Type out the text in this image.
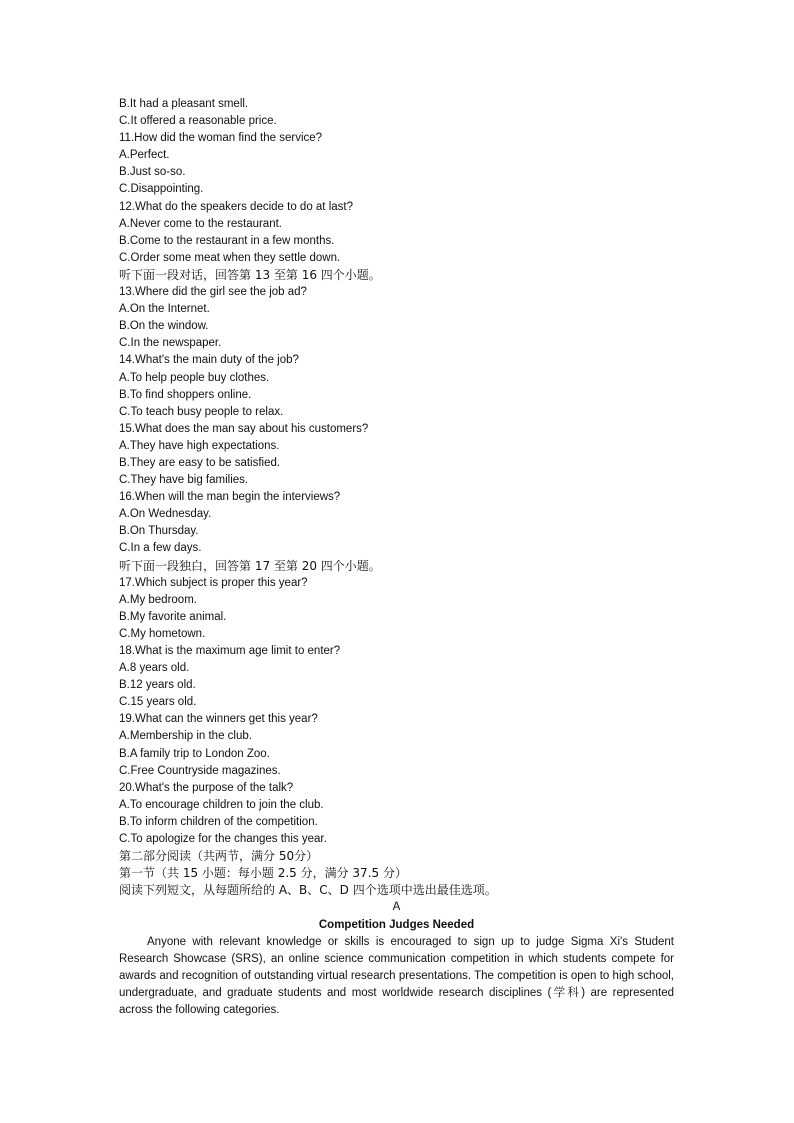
B.It had a pleasant smell.
C.It offered a reasonable price.
11.How did the woman find the service?
A.Perfect.
B.Just so-so.
C.Disappointing.
12.What do the speakers decide to do at last?
A.Never come to the restaurant.
B.Come to the restaurant in a few months.
C.Order some meat when they settle down.
听下面一段对话，回答第 13 至第 16 四个小题。
13.Where did the girl see the job ad?
A.On the Internet.
B.On the window.
C.In the newspaper.
14.What's the main duty of the job?
A.To help people buy clothes.
B.To find shoppers online.
C.To teach busy people to relax.
15.What does the man say about his customers?
A.They have high expectations.
B.They are easy to be satisfied.
C.They have big families.
16.When will the man begin the interviews?
A.On Wednesday.
B.On Thursday.
C.In a few days.
听下面一段独白，回答第 17 至第 20 四个小题。
17.Which subject is proper this year?
A.My bedroom.
B.My favorite animal.
C.My hometown.
18.What is the maximum age limit to enter?
A.8 years old.
B.12 years old.
C.15 years old.
19.What can the winners get this year?
A.Membership in the club.
B.A family trip to London Zoo.
C.Free Countryside magazines.
20.What's the purpose of the talk?
A.To encourage children to join the club.
B.To inform children of the competition.
C.To apologize for the changes this year.
第二部分阅读（共两节，满分 50分）
第一节（共 15 小题：每小题 2.5 分，满分 37.5 分）
阅读下列短文，从每题所给的 A、B、C、D 四个选项中选出最佳选项。
A
Competition Judges Needed
Anyone with relevant knowledge or skills is encouraged to sign up to judge Sigma Xi's Student Research Showcase (SRS), an online science communication competition in which students compete for awards and recognition of outstanding virtual research presentations. The competition is open to high school, undergraduate, and graduate students and most worldwide research disciplines (学科) are represented across the following categories.
